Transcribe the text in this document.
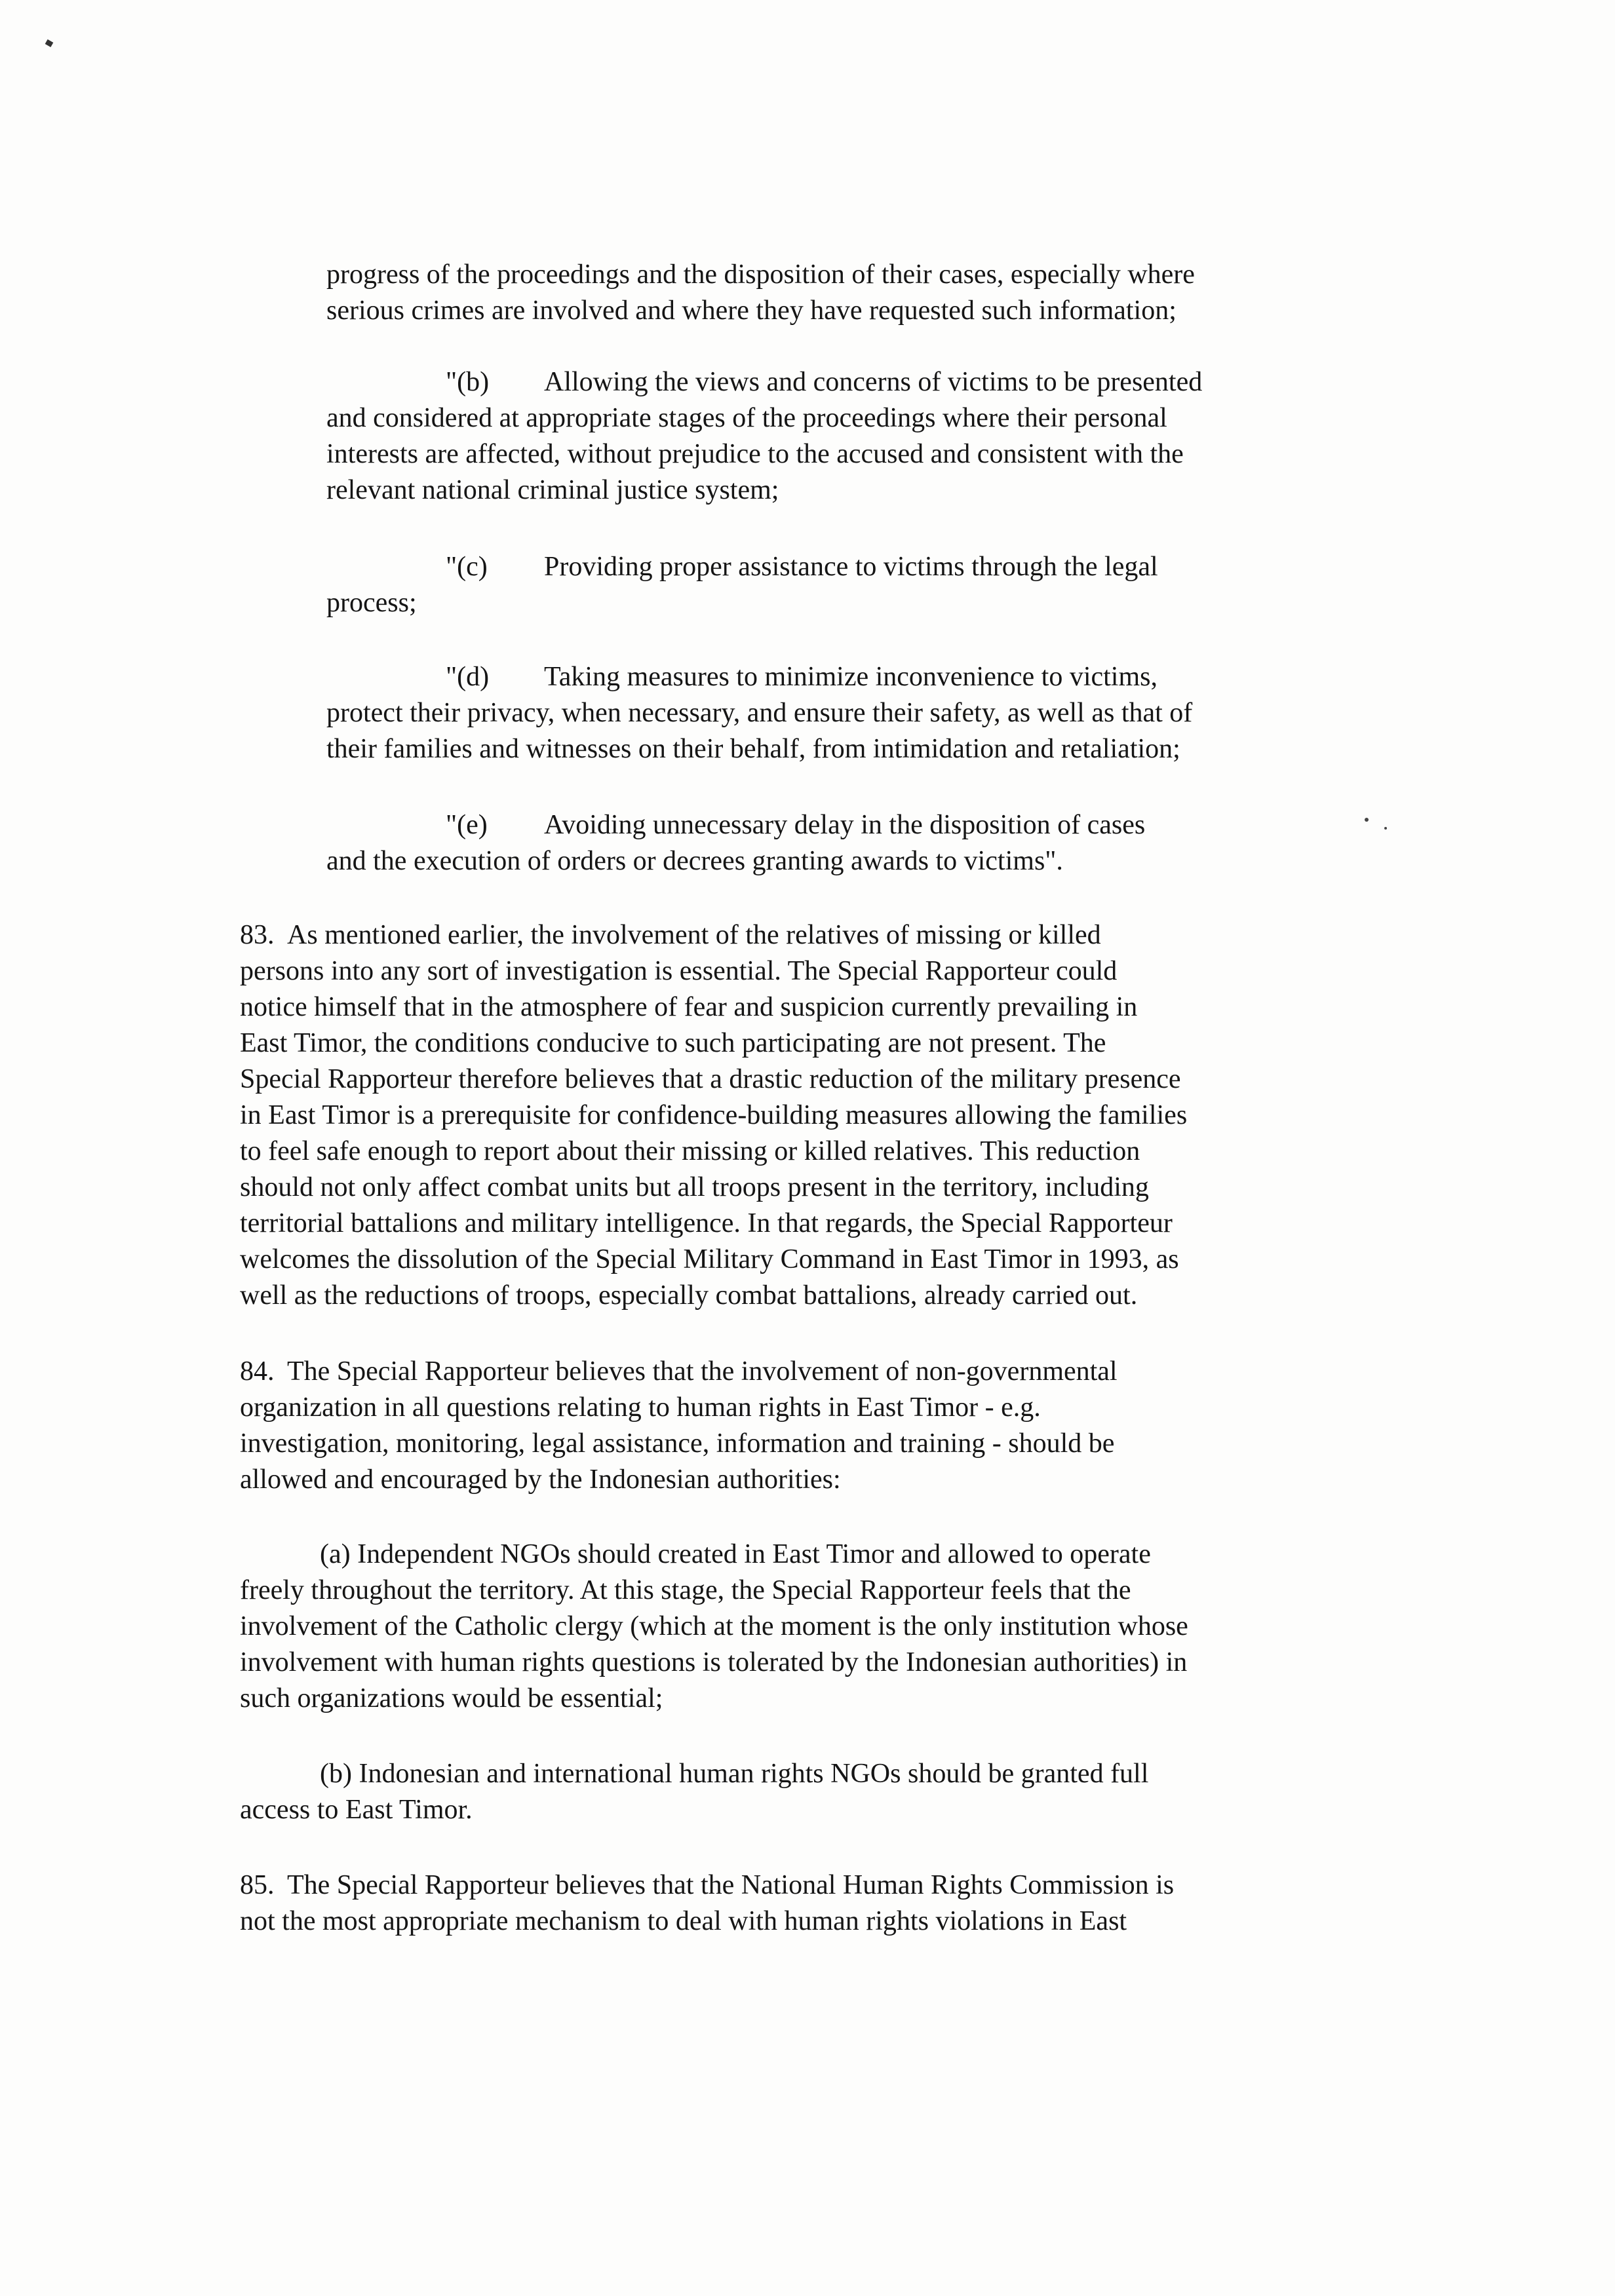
progress of the proceedings and the disposition of their cases, especially where
serious crimes are involved and where they have requested such information;
"(b) Allowing the views and concerns of victims to be presented
and considered at appropriate stages of the proceedings where their personal
interests are affected, without prejudice to the accused and consistent with the
relevant national criminal justice system;
"(c) Providing proper assistance to victims through the legal
process;
"(d) Taking measures to minimize inconvenience to victims,
protect their privacy, when necessary, and ensure their safety, as well as that of
their families and witnesses on their behalf, from intimidation and retaliation;
"(e) Avoiding unnecessary delay in the disposition of cases
and the execution of orders or decrees granting awards to victims".
83. As mentioned earlier, the involvement of the relatives of missing or killed
persons into any sort of investigation is essential. The Special Rapporteur could
notice himself that in the atmosphere of fear and suspicion currently prevailing in
East Timor, the conditions conducive to such participating are not present. The
Special Rapporteur therefore believes that a drastic reduction of the military presence
in East Timor is a prerequisite for confidence-building measures allowing the families
to feel safe enough to report about their missing or killed relatives. This reduction
should not only affect combat units but all troops present in the territory, including
territorial battalions and military intelligence. In that regards, the Special Rapporteur
welcomes the dissolution of the Special Military Command in East Timor in 1993, as
well as the reductions of troops, especially combat battalions, already carried out.
84. The Special Rapporteur believes that the involvement of non-governmental
organization in all questions relating to human rights in East Timor - e.g.
investigation, monitoring, legal assistance, information and training - should be
allowed and encouraged by the Indonesian authorities:
(a) Independent NGOs should created in East Timor and allowed to operate
freely throughout the territory. At this stage, the Special Rapporteur feels that the
involvement of the Catholic clergy (which at the moment is the only institution whose
involvement with human rights questions is tolerated by the Indonesian authorities) in
such organizations would be essential;
(b) Indonesian and international human rights NGOs should be granted full
access to East Timor.
85. The Special Rapporteur believes that the National Human Rights Commission is
not the most appropriate mechanism to deal with human rights violations in East
